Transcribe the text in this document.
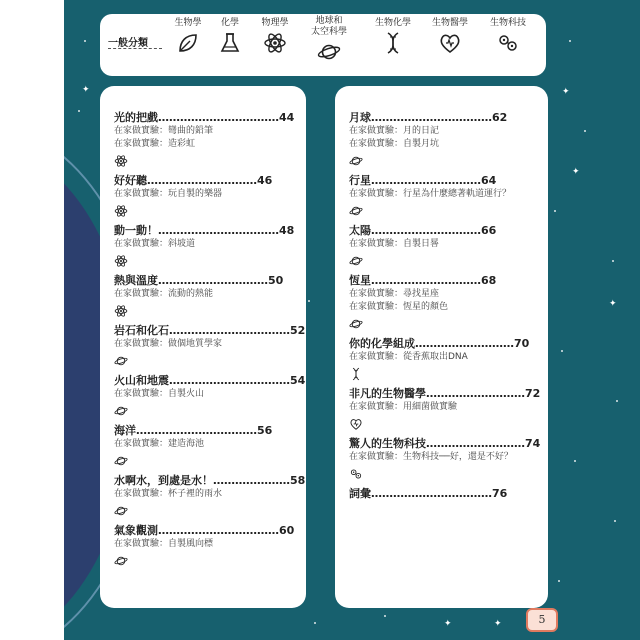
✦	✦
✦
✦
✦
✦
一般分類
生物學	化學	物理學	地球和
太空科學
生物化學	生物醫學	生物科技
光的把戲……………………………44
在家做實驗：彎曲的鉛筆
在家做實驗：造彩虹
好好聽…………………………46
在家做實驗：玩自製的樂器
動一動！……………………………48
在家做實驗：斜坡道
熱與溫度…………………………50
在家做實驗：流動的熱能
岩石和化石……………………………52
在家做實驗：做個地質學家
火山和地震……………………………54
在家做實驗：自製火山
海洋……………………………56
在家做實驗：建造海池
水啊水，到處是水！…………………58
在家做實驗：杯子裡的雨水
氣象觀測……………………………60
在家做實驗：自製風向標
月球……………………………62
在家做實驗：月的日記
在家做實驗：自製月坑
行星…………………………64
在家做實驗：行星為什麼總著軌道運行？
太陽…………………………66
在家做實驗：自製日晷
恆星…………………………68
在家做實驗：尋找星座
在家做實驗：恆星的顏色
你的化學組成………………………70
在家做實驗：從香蕉取出DNA
非凡的生物醫學………………………72
在家做實驗：用細菌做實驗
驚人的生物科技………………………74
在家做實驗：生物科技──好，還是不好？
詞彙……………………………76
5
